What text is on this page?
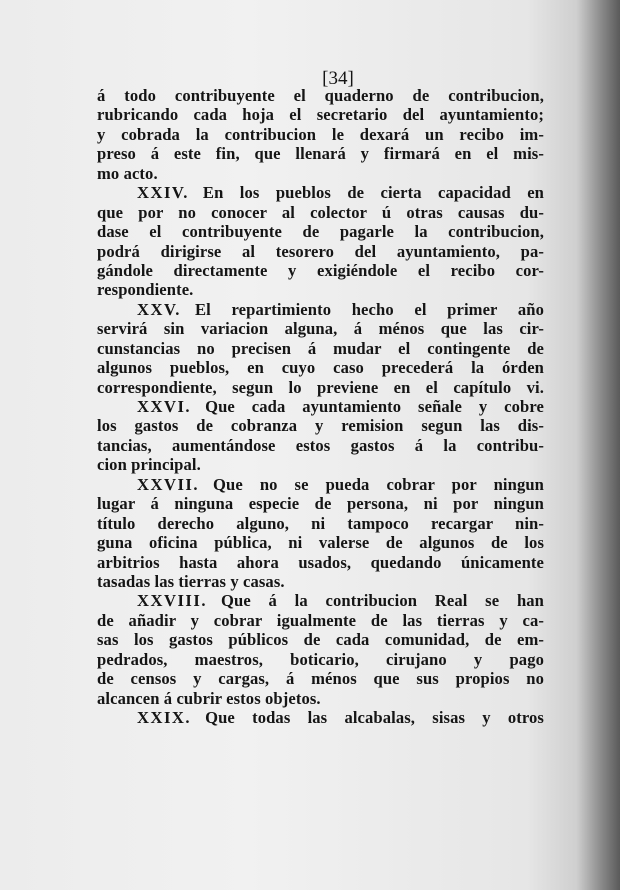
[34]
á todo contribuyente el quaderno de contribucion,
rubricando cada hoja el secretario del ayuntamiento;
y cobrada la contribucion le dexará un recibo im-
preso á este fin, que llenará y firmará en el mis-
mo acto.
XXIV. En los pueblos de cierta capacidad en
que por no conocer al colector ú otras causas du-
dase el contribuyente de pagarle la contribucion,
podrá dirigirse al tesorero del ayuntamiento, pa-
gándole directamente y exigiéndole el recibo cor-
respondiente.
XXV. El repartimiento hecho el primer año
servirá sin variacion alguna, á ménos que las cir-
cunstancias no precisen á mudar el contingente de
algunos pueblos, en cuyo caso precederá la órden
correspondiente, segun lo previene en el capítulo vi.
XXVI. Que cada ayuntamiento señale y cobre
los gastos de cobranza y remision segun las dis-
tancias, aumentándose estos gastos á la contribu-
cion principal.
XXVII. Que no se pueda cobrar por ningun
lugar á ninguna especie de persona, ni por ningun
título derecho alguno, ni tampoco recargar nin-
guna oficina pública, ni valerse de algunos de los
arbitrios hasta ahora usados, quedando únicamente
tasadas las tierras y casas.
XXVIII. Que á la contribucion Real se han
de añadir y cobrar igualmente de las tierras y ca-
sas los gastos públicos de cada comunidad, de em-
pedrados, maestros, boticario, cirujano y pago
de censos y cargas, á ménos que sus propios no
alcancen á cubrir estos objetos.
XXIX. Que todas las alcabalas, sisas y otros
